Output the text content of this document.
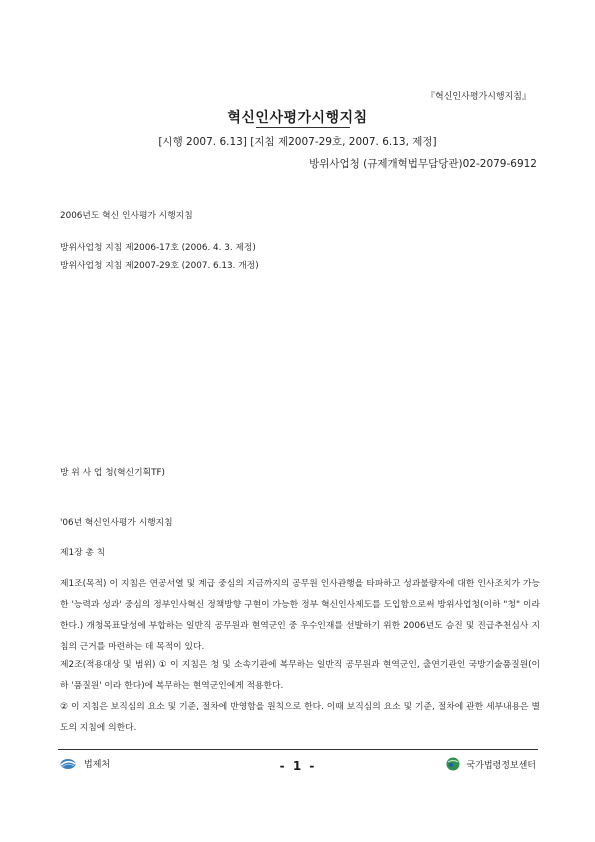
『혁신인사평가시행지침』
혁신인사평가시행지침
[시행 2007. 6.13] [지침 제2007-29호, 2007. 6.13, 제정]
방위사업청 (규제개혁법무담당관)02-2079-6912
2006년도 혁신 인사평가 시행지침
방위사업청 지침 제2006-17호 (2006. 4. 3. 제정)
방위사업청 지침 제2007-29호 (2007. 6.13. 개정)
방 위 사 업 청(혁신기획TF)
'06년 혁신인사평가 시행지침
제1장 총 칙
제1조(목적) 이 지침은 연공서열 및 계급 중심의 지금까지의 공무원 인사관행을 타파하고 성과불량자에 대한 인사조치가 가능한 '능력과 성과' 중심의 정부인사혁신 정책방향 구현이 가능한 정부 혁신인사제도를 도입함으로써 방위사업청(이하 "청" 이라 한다.) 개청목표달성에 부합하는 일반직 공무원과 현역군인 중 우수인재를 선발하기 위한 2006년도 승진 및 진급추천심사 지침의 근거를 마련하는 데 목적이 있다.
제2조(적용대상 및 범위) ① 이 지침은 청 및 소속기관에 복무하는 일반직 공무원과 현역군인, 출연기관인 국방기술품질원(이하 '품질원' 이라 한다)에 복무하는 현역군인에게 적용한다.
② 이 지침은 보직심의 요소 및 기준, 절차에 반영함을 원칙으로 한다. 이때 보직심의 요소 및 기준, 절차에 관한 세부내용은 별도의 지침에 의한다.
법제처	- 1 -	국가법령정보센터
